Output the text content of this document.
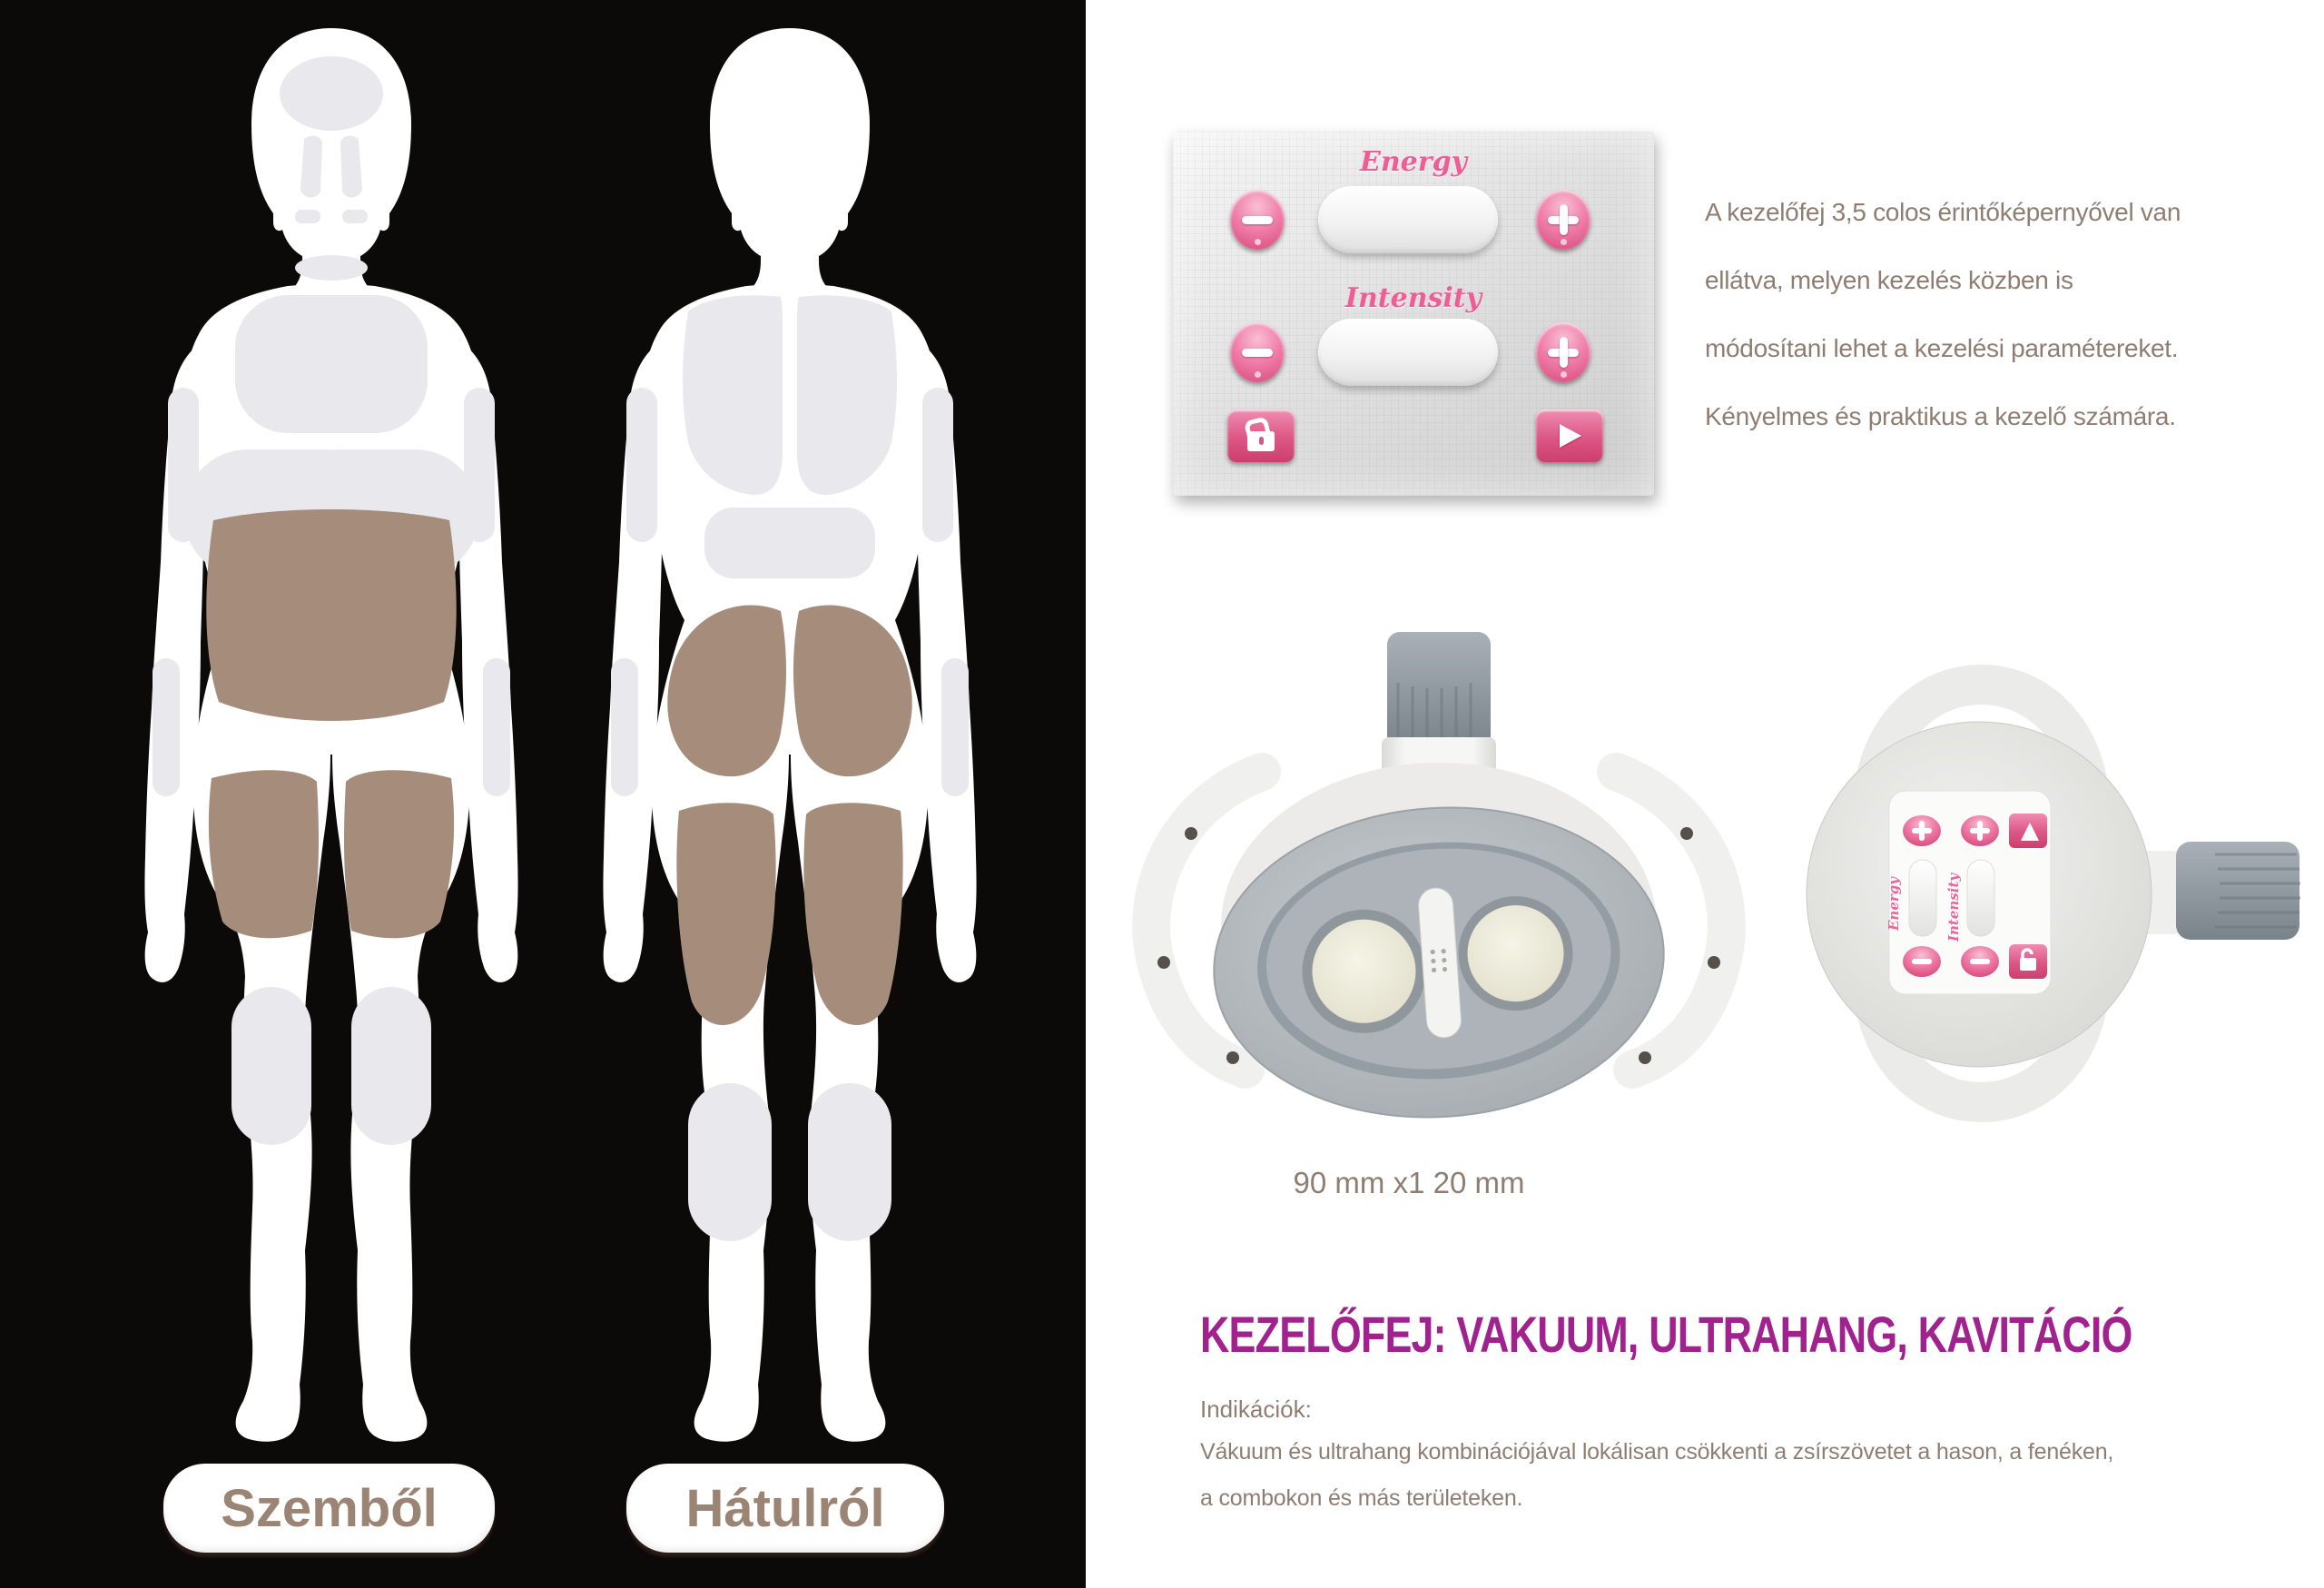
Szemből	Hátulról
Energy
Intensity
A kezelőfej 3,5 colos érintőképernyővel van
ellátva, melyen kezelés közben is
módosítani lehet a kezelési paramétereket.
Kényelmes és praktikus a kezelő számára.
Energy	Intensity
90 mm x1 20 mm
KEZELŐFEJ: VAKUUM, ULTRAHANG, KAVITÁCIÓ
Indikációk:
Vákuum és ultrahang kombinációjával lokálisan csökkenti a zsírszövetet a hason, a fenéken,
a combokon és más területeken.
